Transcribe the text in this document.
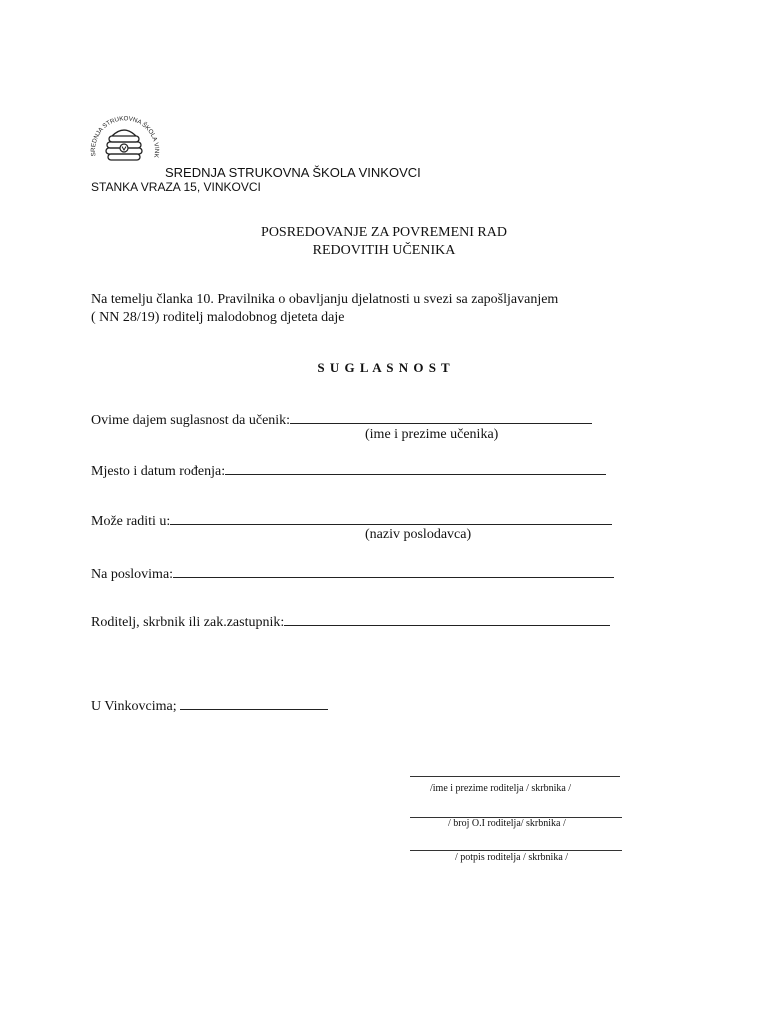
SREDNJA STRUKOVNA ŠKOLA VINK
SREDNJA STRUKOVNA ŠKOLA VINKOVCI
STANKA VRAZA 15, VINKOVCI
POSREDOVANJE ZA POVREMENI RAD
REDOVITIH UČENIKA
Na temelju članka 10. Pravilnika o obavljanju djelatnosti u svezi sa zapošljavanjem
( NN 28/19) roditelj malodobnog djeteta daje
S U G L A S N O S T
Ovime dajem suglasnost da učenik:
(ime i prezime učenika)
Mjesto i datum rođenja:
Može raditi u:
(naziv poslodavca)
Na poslovima:
Roditelj, skrbnik ili zak.zastupnik:
U Vinkovcima;
/ime i prezime roditelja / skrbnika /
/ broj O.I roditelja/ skrbnika /
/ potpis roditelja / skrbnika /
